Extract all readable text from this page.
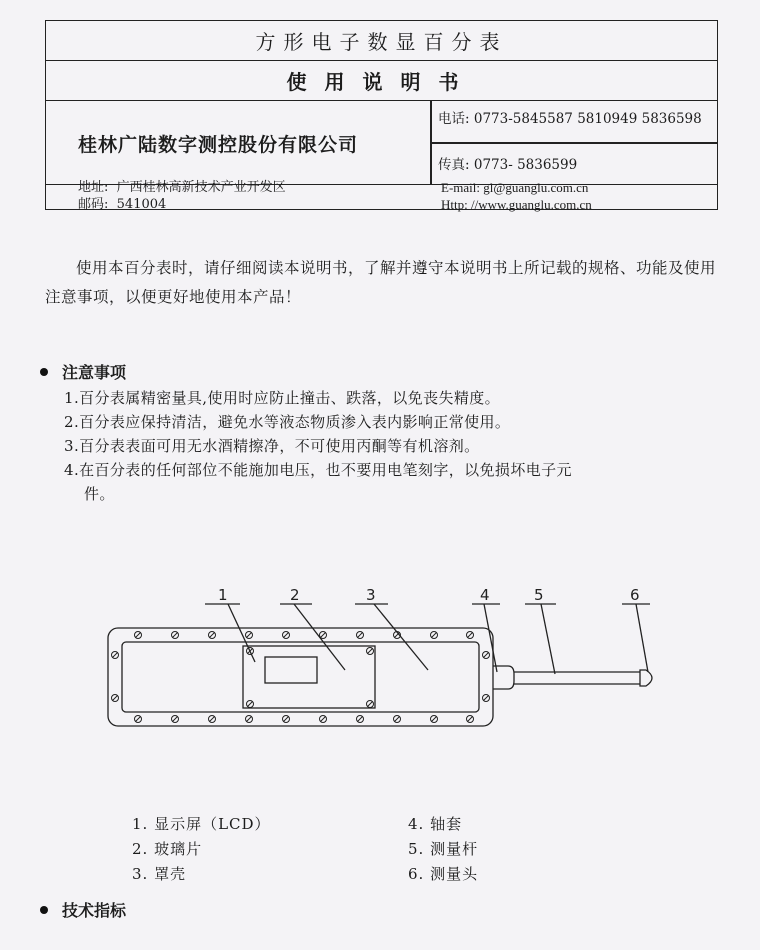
方形电子数显百分表
使用说明书
桂林广陆数字测控股份有限公司
电话: 0773-5845587 5810949 5836598
传真: 0773- 5836599
地址: 广西桂林高新技术产业开发区
邮码: 541004
E-mail: gl@guanglu.com.cn
Http: //www.guanglu.com.cn
使用本百分表时，请仔细阅读本说明书，了解并遵守本说明书上所记载的规格、功能及使用注意事项，以便更好地使用本产品！
注意事项
1.百分表属精密量具,使用时应防止撞击、跌落，以免丧失精度。
2.百分表应保持清洁，避免水等液态物质渗入表内影响正常使用。
3.百分表表面可用无水酒精擦净，不可使用丙酮等有机溶剂。
4.在百分表的任何部位不能施加电压，也不要用电笔刻字，以免损坏电子元
件。
1	2	3	4	5	6
1. 显示屏（LCD）
2. 玻璃片
3. 罩壳
4. 轴套
5. 测量杆
6. 测量头
技术指标
